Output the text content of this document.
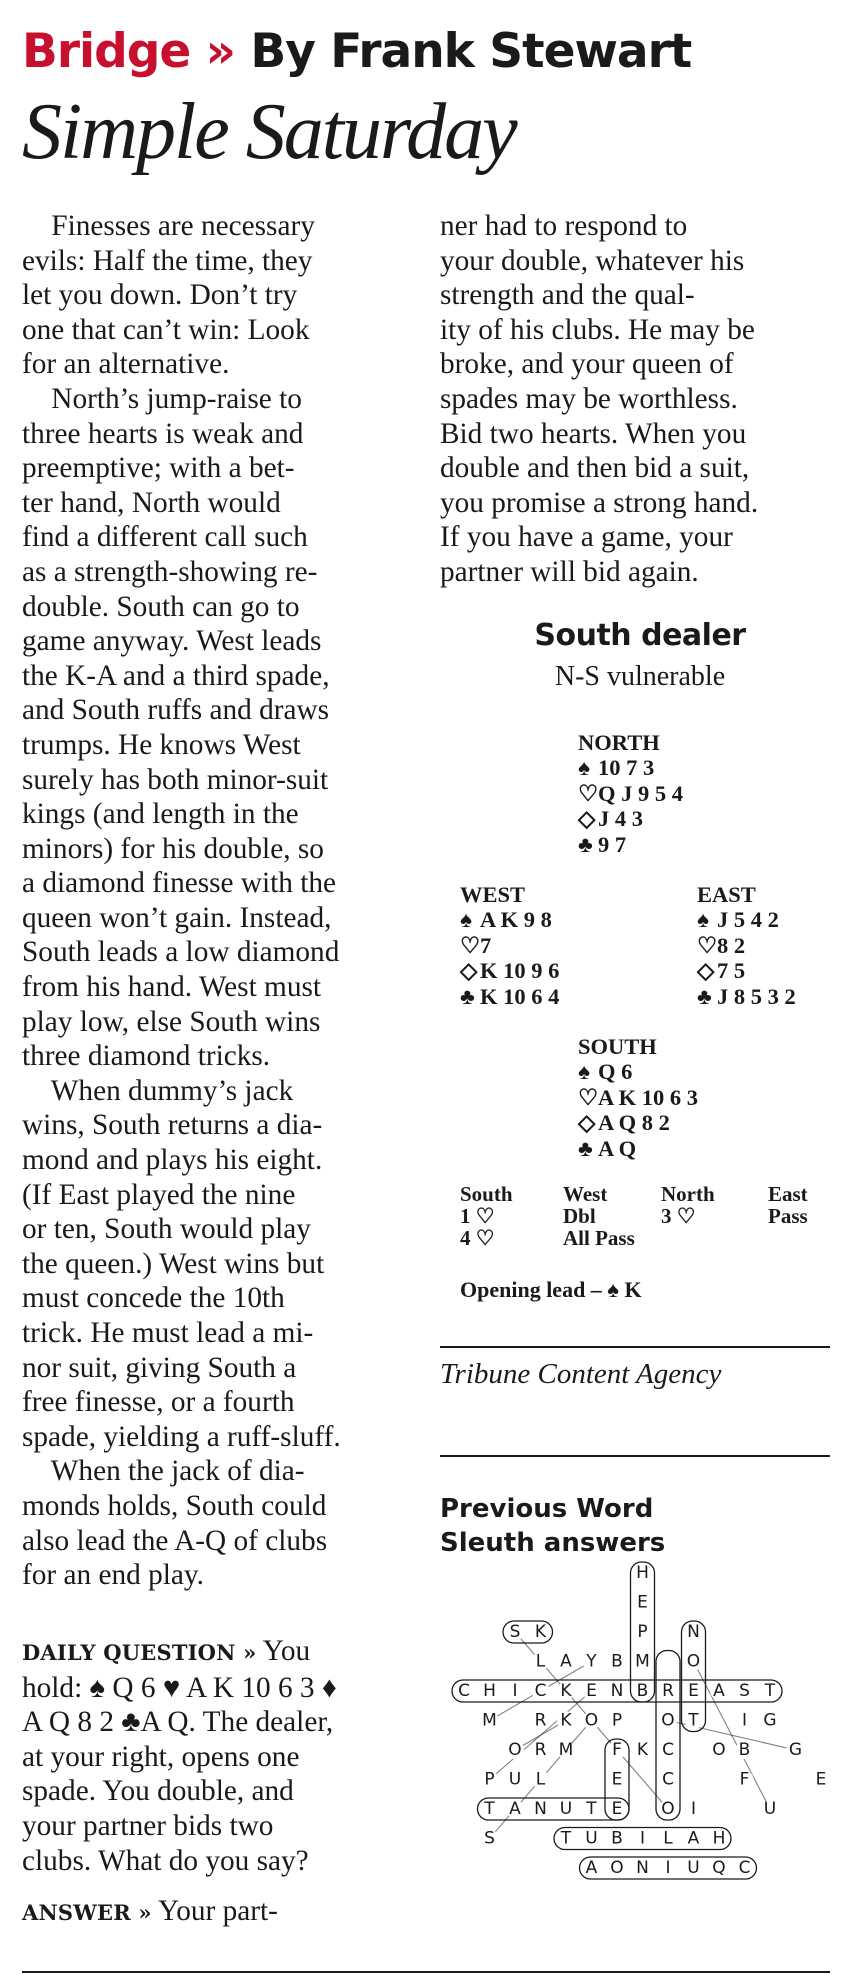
Bridge » By Frank Stewart
Simple Saturday
Finesses are necessary
evils: Half the time, they
let you down. Don’t try
one that can’t win: Look
for an alternative.
North’s jump-raise to
three hearts is weak and
preemptive; with a bet-
ter hand, North would
find a different call such
as a strength-showing re-
double. South can go to
game anyway. West leads
the K-A and a third spade,
and South ruffs and draws
trumps. He knows West
surely has both minor-suit
kings (and length in the
minors) for his double, so
a diamond finesse with the
queen won’t gain. Instead,
South leads a low diamond
from his hand. West must
play low, else South wins
three diamond tricks.
When dummy’s jack
wins, South returns a dia-
mond and plays his eight.
(If East played the nine
or ten, South would play
the queen.) West wins but
must concede the 10th
trick. He must lead a mi-
nor suit, giving South a
free finesse, or a fourth
spade, yielding a ruff-sluff.
When the jack of dia-
monds holds, South could
also lead the A-Q of clubs
for an end play.
DAILY QUESTION » You
hold: ♠ Q 6 ♥ A K 10 6 3 ♦
A Q 8 2 ♣A Q. The dealer,
at your right, opens one
spade. You double, and
your partner bids two
clubs. What do you say?
ANSWER » Your part-
ner had to respond to
your double, whatever his
strength and the qual-
ity of his clubs. He may be
broke, and your queen of
spades may be worthless.
Bid two hearts. When you
double and then bid a suit,
you promise a strong hand.
If you have a game, your
partner will bid again.
South dealer
N-S vulnerable
NORTH
♠ 10 7 3
♡Q J 9 5 4
◇ J 4 3
♣ 9 7
WEST
♠ A K 9 8
♡7
◇ K 10 9 6
♣ K 10 6 4
EAST
♠ J 5 4 2
♡8 2
◇ 7 5
♣ J 8 5 3 2
SOUTH
♠ Q 6
♡A K 10 6 3
◇ A Q 8 2
♣ A Q
South West	North	East
1 ♡	Dbl	3 ♡	Pass
4 ♡	All Pass
Opening lead – ♠ K
Tribune Content Agency
Previous Word
Sleuth answers
H
E
P N
S K
M
B	O
L A Y
C H I C K E N B R E A S T
M R K O P O T	I G
O R M F K C O B G
P U L	E C	F	E
T A N U T E O I	U
S	T U B I L A H
A O N I U Q C
